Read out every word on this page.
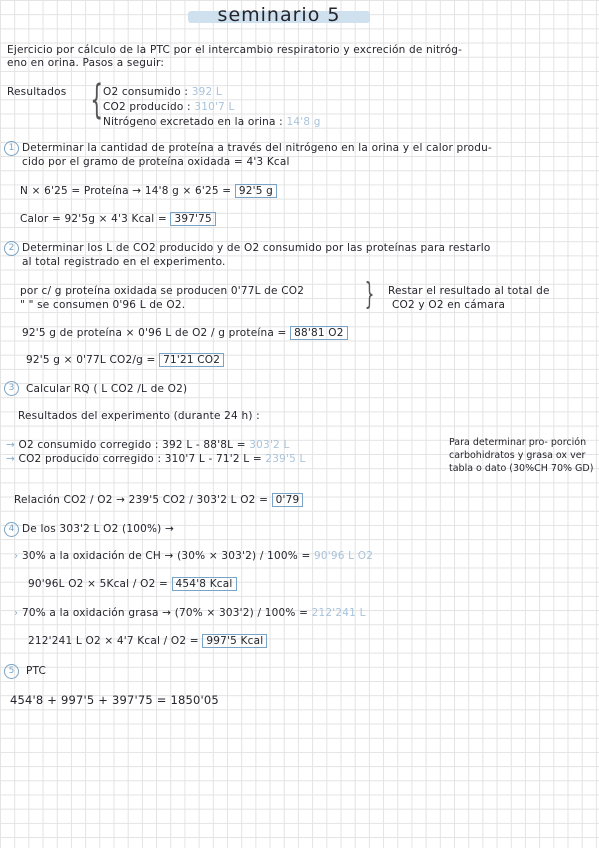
seminario 5
Ejercicio por cálculo de la PTC por el intercambio respiratorio y excreción de nitróg-
eno en orina. Pasos a seguir:
Resultados { O2 consumido : 392 L
CO2 producido : 310'7 L
Nitrógeno excretado en la orina : 14'8 g
1 Determinar la cantidad de proteína a través del nitrógeno en la orina y el calor produ-
cido por el gramo de proteína oxidada = 4'3 Kcal
N × 6'25 = Proteína → 14'8 g × 6'25 = 92'5 g
Calor = 92'5g × 4'3 Kcal = 397'75
2 Determinar los L de CO2 producido y de O2 consumido por las proteínas para restarlo
al total registrado en el experimento.
por c/ g proteína oxidada se producen 0'77L de CO2
" " se consumen 0'96 L de O2.	} Restar el resultado al total de
CO2 y O2 en cámara
92'5 g de proteína × 0'96 L de O2 / g proteína = 88'81 O2
92'5 g × 0'77L CO2/g = 71'21 CO2
3	Calcular RQ ( L CO2 /L de O2)
Resultados del experimento (durante 24 h) :
→ O2 consumido corregido : 392 L - 88'8L = 303'2 L
→ CO2 producido corregido : 310'7 L - 71'2 L = 239'5 L
Para determinar pro- porción carbohidratos y grasa ox ver tabla o dato (30%CH 70% GD)
Relación CO2 / O2 → 239'5 CO2 / 303'2 L O2 = 0'79
4 De los 303'2 L O2 (100%) →
› 30% a la oxidación de CH → (30% × 303'2) / 100% = 90'96 L O2
90'96L O2 × 5Kcal / O2 = 454'8 Kcal
› 70% a la oxidación grasa → (70% × 303'2) / 100% = 212'241 L
212'241 L O2 × 4'7 Kcal / O2 = 997'5 Kcal
5	PTC
454'8 + 997'5 + 397'75 = 1850'05
